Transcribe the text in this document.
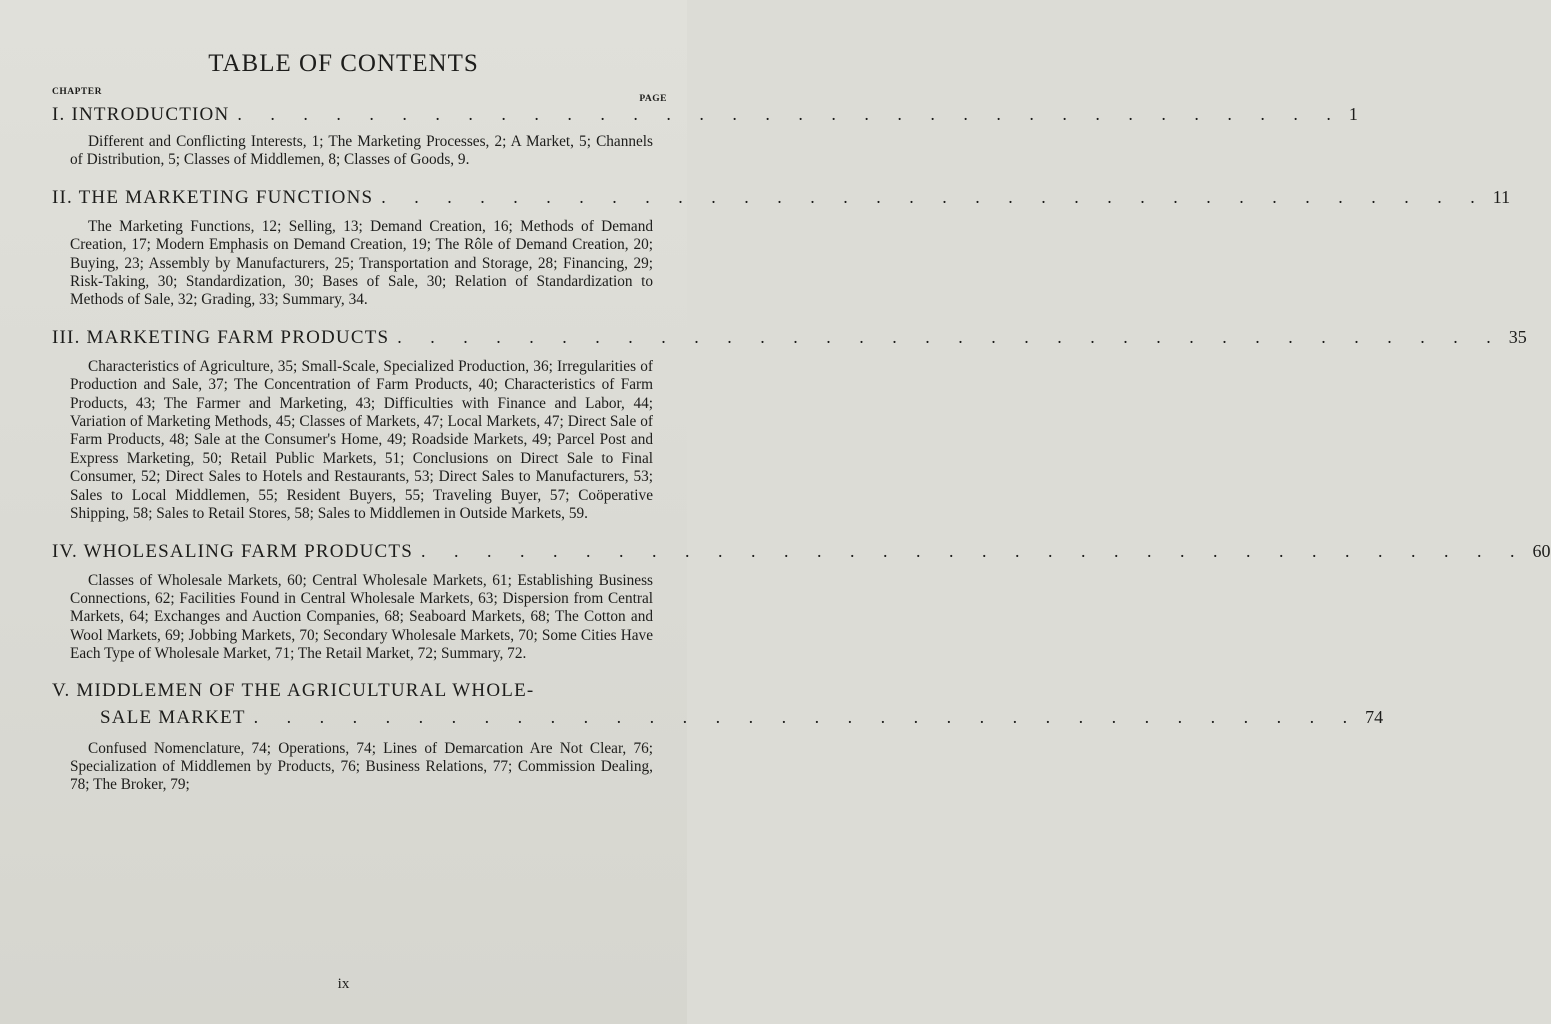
TABLE OF CONTENTS
CHAPTER
PAGE
I. INTRODUCTION . . . . . . . . . . . . . . . . . . . . . . . . . . . . . . . . . . 1

Different and Conflicting Interests, 1; The Marketing Processes, 2; A Market, 5; Channels of Distribution, 5; Classes of Middlemen, 8; Classes of Goods, 9.

II. THE MARKETING FUNCTIONS . . . . . . . . . . . . . . . . . . . . . . . . . . . . . . . . . . 11

The Marketing Functions, 12; Selling, 13; Demand Creation, 16; Methods of Demand Creation, 17; Modern Emphasis on Demand Creation, 19; The Rôle of Demand Creation, 20; Buying, 23; Assembly by Manufacturers, 25; Transportation and Storage, 28; Financing, 29; Risk-Taking, 30; Standardization, 30; Bases of Sale, 30; Relation of Standardization to Methods of Sale, 32; Grading, 33; Summary, 34.

III. MARKETING FARM PRODUCTS . . . . . . . . . . . . . . . . . . . . . . . . . . . . . . . . . . 35

Characteristics of Agriculture, 35; Small-Scale, Specialized Production, 36; Irregularities of Production and Sale, 37; The Concentration of Farm Products, 40; Characteristics of Farm Products, 43; The Farmer and Marketing, 43; Difficulties with Finance and Labor, 44; Variation of Marketing Methods, 45; Classes of Markets, 47; Local Markets, 47; Direct Sale of Farm Products, 48; Sale at the Consumer's Home, 49; Roadside Markets, 49; Parcel Post and Express Marketing, 50; Retail Public Markets, 51; Conclusions on Direct Sale to Final Consumer, 52; Direct Sales to Hotels and Restaurants, 53; Direct Sales to Manufacturers, 53; Sales to Local Middlemen, 55; Resident Buyers, 55; Traveling Buyer, 57; Coöperative Shipping, 58; Sales to Retail Stores, 58; Sales to Middlemen in Outside Markets, 59.

IV. WHOLESALING FARM PRODUCTS . . . . . . . . . . . . . . . . . . . . . . . . . . . . . . . . . . 60

Classes of Wholesale Markets, 60; Central Wholesale Markets, 61; Establishing Business Connections, 62; Facilities Found in Central Wholesale Markets, 63; Dispersion from Central Markets, 64; Exchanges and Auction Companies, 68; Seaboard Markets, 68; The Cotton and Wool Markets, 69; Jobbing Markets, 70; Secondary Wholesale Markets, 70; Some Cities Have Each Type of Wholesale Market, 71; The Retail Market, 72; Summary, 72.

V. MIDDLEMEN OF THE AGRICULTURAL WHOLE-
SALE MARKET . . . . . . . . . . . . . . . . . . . . . . . . . . . . . . . . . . 74

Confused Nomenclature, 74; Operations, 74; Lines of Demarcation Are Not Clear, 76; Specialization of Middlemen by Products, 76; Business Relations, 77; Commission Dealing, 78; The Broker, 79;

ix
